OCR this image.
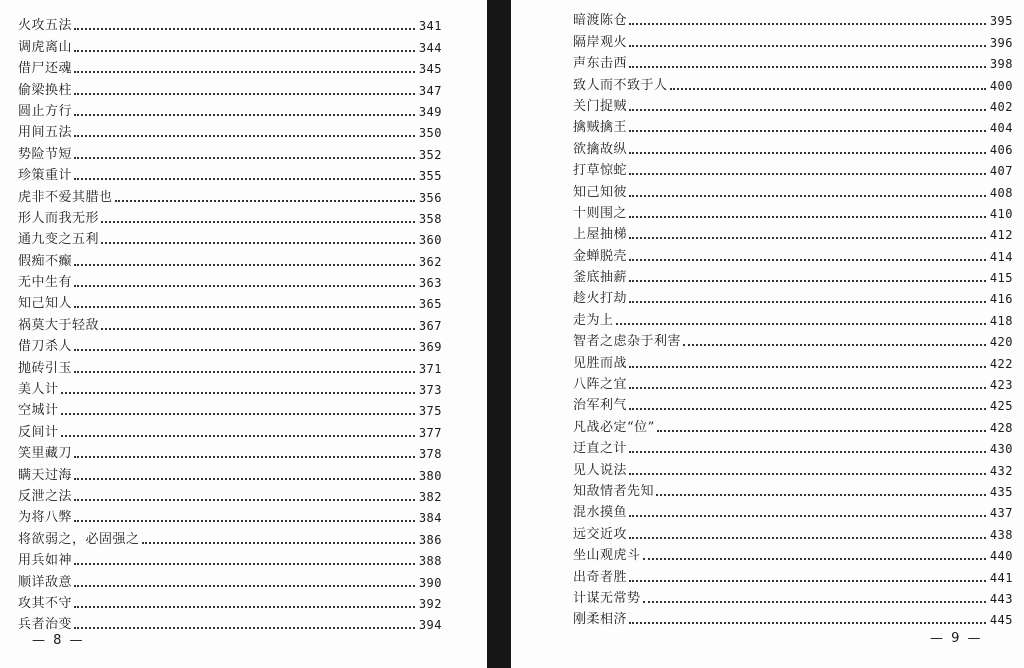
火攻五法	341
调虎离山	344
借尸还魂	345
偷梁换柱	347
圆止方行	349
用间五法	350
势险节短	352
珍策重计	355
虎非不爱其腊也	356
形人而我无形	358
通九变之五利	360
假痴不癫	362
无中生有	363
知己知人	365
祸莫大于轻敌	367
借刀杀人	369
抛砖引玉	371
美人计	373
空城计	375
反间计	377
笑里藏刀	378
瞒天过海	380
反泄之法	382
为将八弊	384
将欲弱之，必固强之	386
用兵如神	388
顺详敌意	390
攻其不守	392
兵者治变	394
— 8 —
暗渡陈仓	395
隔岸观火	396
声东击西	398
致人而不致于人	400
关门捉贼	402
擒贼擒王	404
欲擒故纵	406
打草惊蛇	407
知己知彼	408
十则围之	410
上屋抽梯	412
金蝉脱壳	414
釜底抽薪	415
趁火打劫	416
走为上	418
智者之虑杂于利害	420
见胜而战	422
八阵之宜	423
治军利气	425
凡战必定“位”	428
迂直之计	430
见人说法	432
知敌情者先知	435
混水摸鱼	437
远交近攻	438
坐山观虎斗	440
出奇者胜	441
计谋无常势	443
刚柔相济	445
— 9 —
